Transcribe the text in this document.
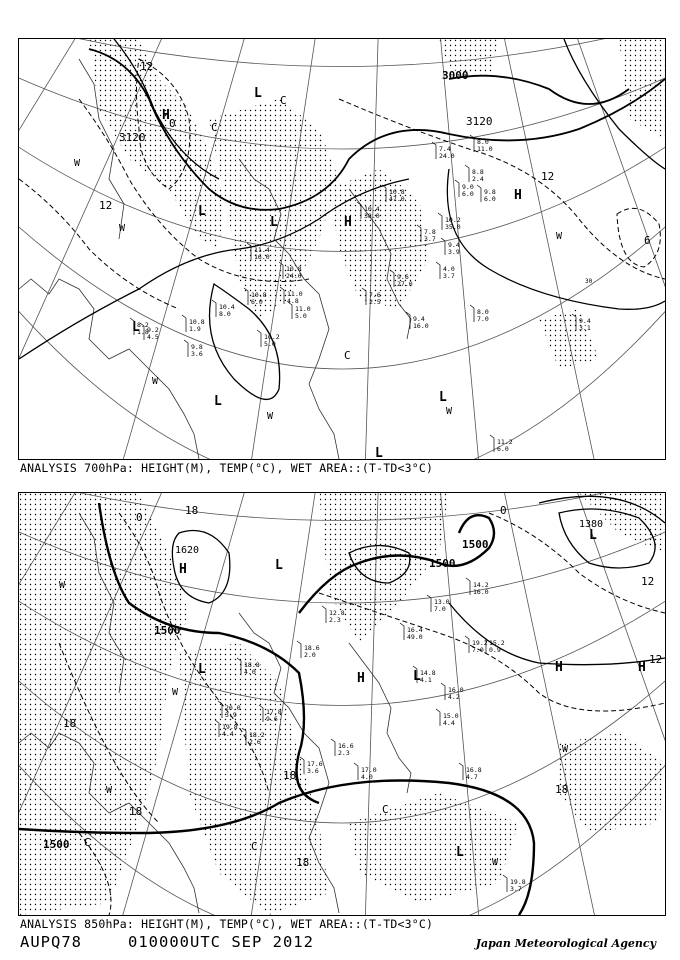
3120
3120
3000
12
12
12
0
6
30
H
H
H
L
L
L
L
L
L
L
W
W
W
W	W
W
C
C
C
10.8
1.9
9.2
4.5
8.2
1.8
9.8
3.6
10.4
8.0
10.8
6.0
11.0
4.8
10.2
5.0
11.0
5.0
10.8
24.0
11.4
16.0
10.4
38.0
10.8
47.0
7.4
24.0
8.8
2.4
9.0
6.0 9.8
6.0
10.2
35.0
7.8
3.7
9.4
3.9
7.6
2.5
9.4
16.0
8.0
7.0	9.4
3.1
11.2
6.0
4.0
3.7
9.6
27.0
8.0
11.0
ANALYSIS 700hPa: HEIGHT(M), TEMP(°C), WET AREA::(T-TD<3°C)
1620	1500
1500
1500
1500
1380
18
18
18
18
18
18
12
12
0
0
H
H
H	H
L
L	L
L
L
W
W
W
W
W
C	C
C
20.0
3.9
19.8
4.4 18.2
2.6
17.8
9.6
17.6
3.6
16.6
2.3
17.0
4.0
16.8
4.7
13.0
7.0
14.2
16.0
16.4
49.0
14.8
4.1
19.2
7.0
15.2
0.9
16.0
4.2
15.0
4.4
19.8
3.7
18.8
4.0
12.8
2.3
18.6
2.0
ANALYSIS 850hPa: HEIGHT(M), TEMP(°C), WET AREA::(T-TD<3°C)
AUPQ78	010000UTC SEP 2012	Japan Meteorological Agency
